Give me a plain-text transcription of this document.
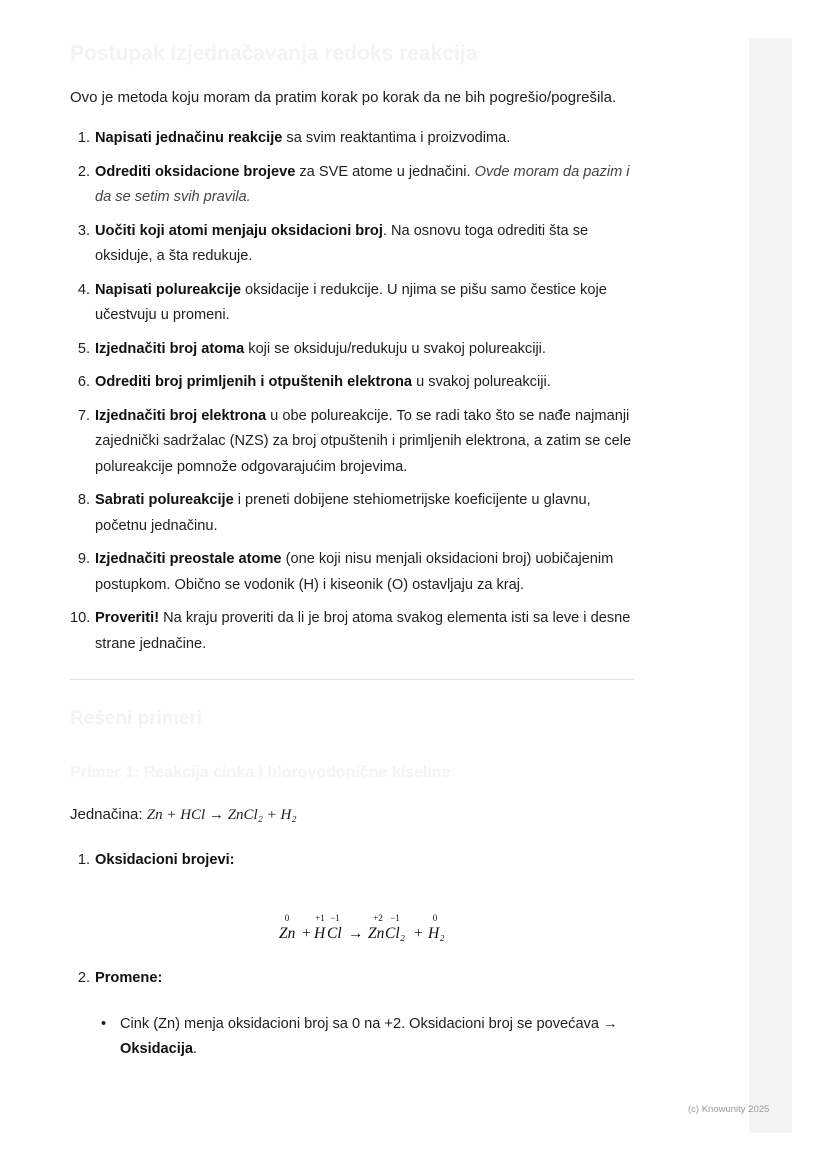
Postupak izjednačavanja redoks reakcija

Ovo je metoda koju moram da pratim korak po korak da ne bih pogrešio/pogrešila.

1. Napisati jednačinu reakcije sa svim reaktantima i proizvodima.
2. Odrediti oksidacione brojeve za SVE atome u jednačini. Ovde moram da pazim i da se setim svih pravila.
3. Uočiti koji atomi menjaju oksidacioni broj. Na osnovu toga odrediti šta se oksiduje, a šta redukuje.
4. Napisati polureakcije oksidacije i redukcije. U njima se pišu samo čestice koje učestvuju u promeni.
5. Izjednačiti broj atoma koji se oksiduju/redukuju u svakoj polureakciji.
6. Odrediti broj primljenih i otpuštenih elektrona u svakoj polureakciji.
7. Izjednačiti broj elektrona u obe polureakcije. To se radi tako što se nađe najmanji zajednički sadržalac (NZS) za broj otpuštenih i primljenih elektrona, a zatim se cele polureakcije pomnože odgovarajućim brojevima.
8. Sabrati polureakcije i preneti dobijene stehiometrijske koeficijente u glavnu, početnu jednačinu.
9. Izjednačiti preostale atome (one koji nisu menjali oksidacioni broj) uobičajenim postupkom. Obično se vodonik (H) i kiseonik (O) ostavljaju za kraj.
10. Proveriti! Na kraju proveriti da li je broj atoma svakog elementa isti sa leve i desne strane jednačine.
Rešeni primeri
Primer 1: Reakcija cinka i hlorovodonične kiseline
Jednačina: Zn + HCl → ZnCl₂ + H₂
1. Oksidacioni brojevi:
0
Zn +
+1
H
−1
Cl →
+2
Zn
−1
Cl₂ +
0
H₂
2. Promene:
• Cink (Zn) menja oksidacioni broj sa 0 na +2. Oksidacioni broj se povećava → Oksidacija.
(c) Knowunity 2025
